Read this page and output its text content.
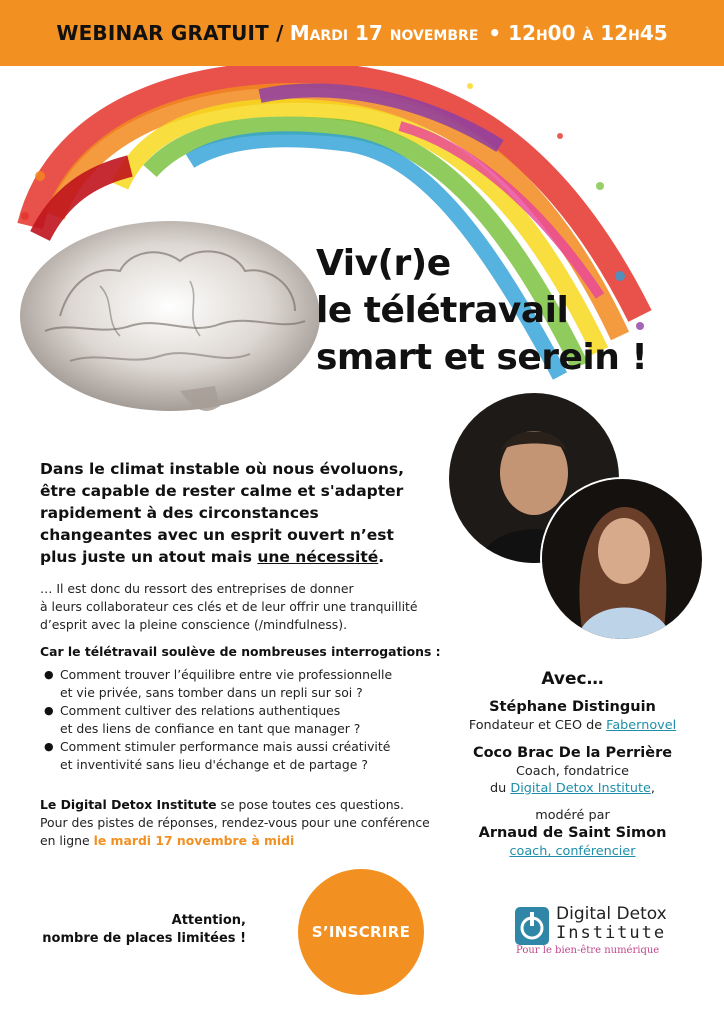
WEBINAR GRATUIT / Mardi 17 novembre • 12h00 à 12h45
Viv(r)e
le télétravail
smart et serein !
Dans le climat instable où nous évoluons, être capable de rester calme et s'adapter rapidement à des circonstances changeantes avec un esprit ouvert n’est plus juste un atout mais une nécessité.
… Il est donc du ressort des entreprises de donner
à leurs collaborateur ces clés et de leur offrir une tranquillité
d’esprit avec la pleine conscience (/mindfulness).
Car le télétravail soulève de nombreuses interrogations :
● Comment trouver l’équilibre entre vie professionnelle
et vie privée, sans tomber dans un repli sur soi ?
● Comment cultiver des relations authentiques
et des liens de confiance en tant que manager ?
● Comment stimuler performance mais aussi créativité
et inventivité sans lieu d'échange et de partage ?
Le Digital Detox Institute se pose toutes ces questions.
Pour des pistes de réponses, rendez-vous pour une conférence
en ligne le mardi 17 novembre à midi
Avec…
Stéphane Distinguin
Fondateur et CEO de Fabernovel
Coco Brac De la Perrière
Coach, fondatrice
du Digital Detox Institute,
modéré par
Arnaud de Saint Simon
coach, conférencier
Attention,
nombre de places limitées !	S’INSCRIRE
Digital Detox
Institute
Pour le bien-être numérique
